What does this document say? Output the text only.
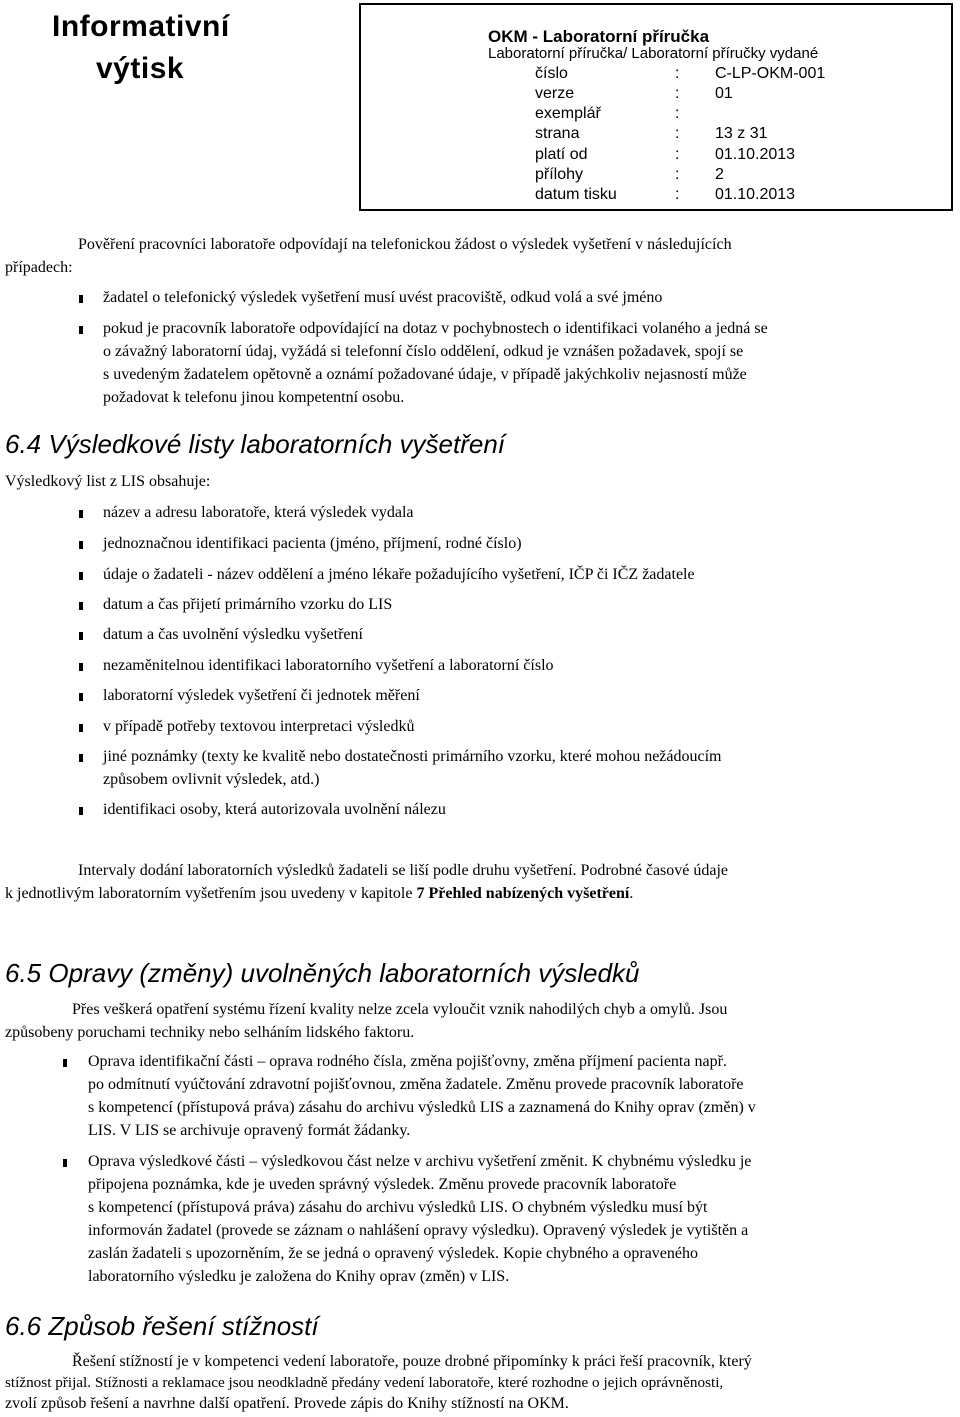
Informativní
výtisk
OKM - Laboratorní příručka
Laboratorní příručka/ Laboratorní příručky vydané
číslo	: C-LP-OKM-001
verze	: 01
exemplář	:
strana	: 13 z 31
platí od	: 01.10.2013
přílohy	: 2
datum tisku	: 01.10.2013
Pověření pracovníci laboratoře odpovídají na telefonickou žádost o výsledek vyšetření v následujících
případech:
žadatel o telefonický výsledek vyšetření musí uvést pracoviště, odkud volá a své jméno
pokud je pracovník laboratoře odpovídající na dotaz v pochybnostech o identifikaci volaného a jedná se
o závažný laboratorní údaj, vyžádá si telefonní číslo oddělení, odkud je vznášen požadavek, spojí se
s uvedeným žadatelem opětovně a oznámí požadované údaje, v případě jakýchkoliv nejasností může
požadovat k telefonu jinou kompetentní osobu.
6.4 Výsledkové listy laboratorních vyšetření
Výsledkový list z LIS obsahuje:
název a adresu laboratoře, která výsledek vydala
jednoznačnou identifikaci pacienta (jméno, příjmení, rodné číslo)
údaje o žadateli - název oddělení a jméno lékaře požadujícího vyšetření, IČP či IČZ žadatele
datum a čas přijetí primárního vzorku do LIS
datum a čas uvolnění výsledku vyšetření
nezaměnitelnou identifikaci laboratorního vyšetření a laboratorní číslo
laboratorní výsledek vyšetření či jednotek měření
v případě potřeby textovou interpretaci výsledků
jiné poznámky (texty ke kvalitě nebo dostatečnosti primárního vzorku, které mohou nežádoucím
způsobem ovlivnit výsledek, atd.)
identifikaci osoby, která autorizovala uvolnění nálezu
Intervaly dodání laboratorních výsledků žadateli se liší podle druhu vyšetření. Podrobné časové údaje
k jednotlivým laboratorním vyšetřením jsou uvedeny v kapitole 7 Přehled nabízených vyšetření.
6.5 Opravy (změny) uvolněných laboratorních výsledků
Přes veškerá opatření systému řízení kvality nelze zcela vyloučit vznik nahodilých chyb a omylů. Jsou
způsobeny poruchami techniky nebo selháním lidského faktoru.
Oprava identifikační části – oprava rodného čísla, změna pojišťovny, změna příjmení pacienta např.
po odmítnutí vyúčtování zdravotní pojišťovnou, změna žadatele. Změnu provede pracovník laboratoře
s kompetencí (přístupová práva) zásahu do archivu výsledků LIS a zaznamená do Knihy oprav (změn) v
LIS. V LIS se archivuje opravený formát žádanky.
Oprava výsledkové části – výsledkovou část nelze v archivu vyšetření změnit. K chybnému výsledku je
připojena poznámka, kde je uveden správný výsledek. Změnu provede pracovník laboratoře
s kompetencí (přístupová práva) zásahu do archivu výsledků LIS. O chybném výsledku musí být
informován žadatel (provede se záznam o nahlášení opravy výsledku). Opravený výsledek je vytištěn a
zaslán žadateli s upozorněním, že se jedná o opravený výsledek. Kopie chybného a opraveného
laboratorního výsledku je založena do Knihy oprav (změn) v LIS.
6.6 Způsob řešení stížností
Řešení stížností je v kompetenci vedení laboratoře, pouze drobné připomínky k práci řeší pracovník, který
stížnost přijal. Stížnosti a reklamace jsou neodkladně předány vedení laboratoře, které rozhodne o jejich oprávněnosti,
zvolí způsob řešení a navrhne další opatření. Provede zápis do Knihy stížností na OKM.
